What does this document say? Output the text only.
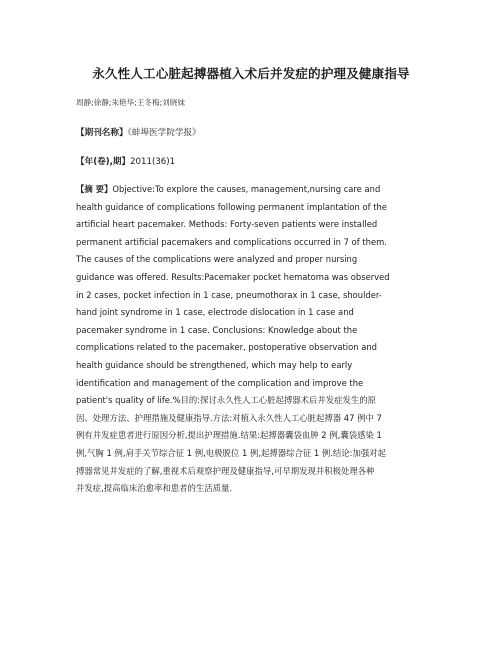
永久性人工心脏起搏器植入术后并发症的护理及健康指导
周静;徐静;朱艳华;王冬梅;刘晓妹
【期刊名称】《蚌埠医学院学报》
【年(卷),期】2011(36)1
【摘 要】Objective:To explore the causes, management,nursing care and
health guidance of complications following permanent implantation of the
artificial heart pacemaker. Methods: Forty-seven patients were installed
permanent artificial pacemakers and complications occurred in 7 of them.
The causes of the complications were analyzed and proper nursing
guidance was offered. Results:Pacemaker pocket hematoma was observed
in 2 cases, pocket infection in 1 case, pneumothorax in 1 case, shoulder-
hand joint syndrome in 1 case, electrode dislocation in 1 case and
pacemaker syndrome in 1 case. Conclusions: Knowledge about the
complications related to the pacemaker, postoperative observation and
health guidance should be strengthened, which may help to early
identification and management of the complication and improve the
patient's quality of life.%目的:探讨永久性人工心脏起搏器术后并发症发生的原
因、处理方法、护理措施及健康指导.方法:对植入永久性人工心脏起搏器 47 例中 7
例有并发症患者进行原因分析,提出护理措施.结果:起搏器囊袋血肿 2 例,囊袋感染 1
例,气胸 1 例,肩手关节综合征 1 例,电极脱位 1 例,起搏器综合征 1 例.结论:加强对起
搏器常见并发症的了解,重视术后观察护理及健康指导,可早期发现并积极处理各种
并发症,提高临床治愈率和患者的生活质量.
